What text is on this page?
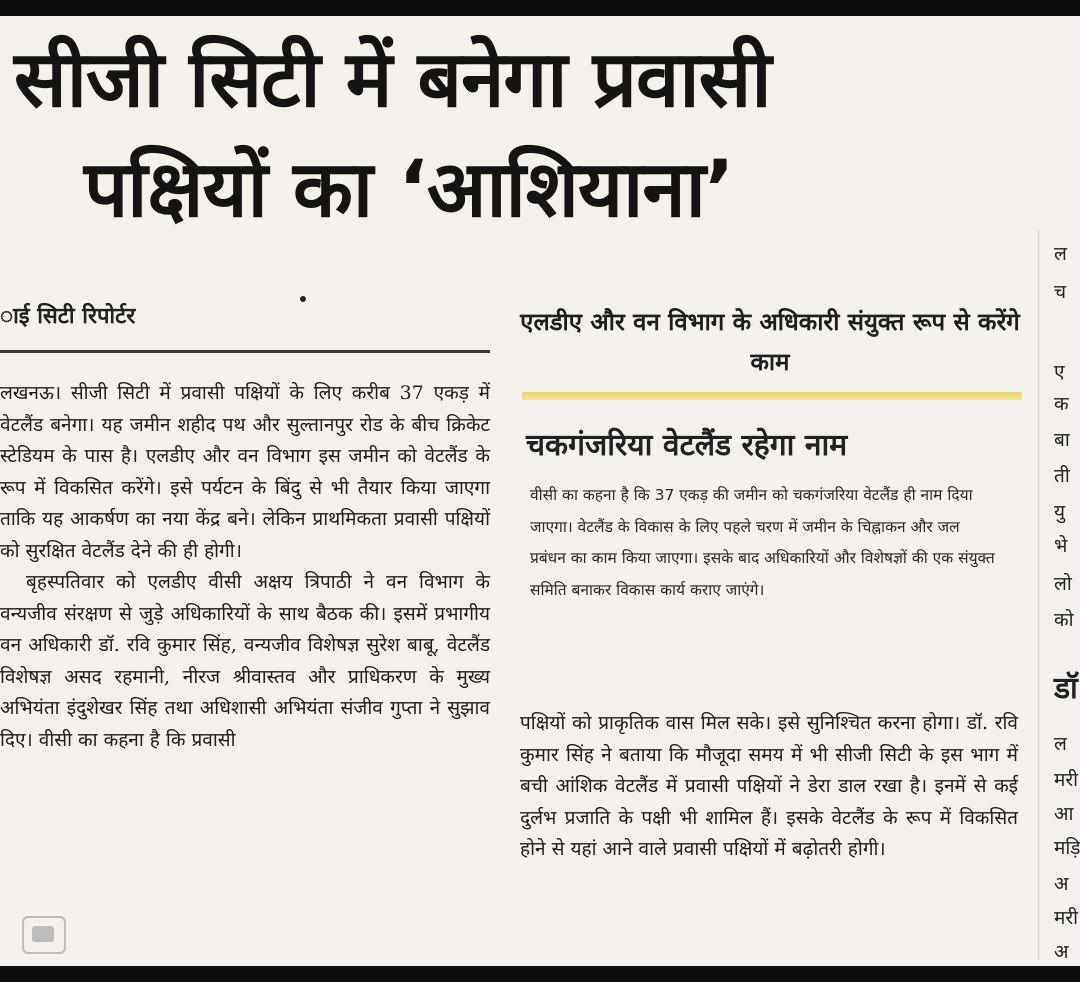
सीजी सिटी में बनेगा प्रवासी
पक्षियों का ‘आशियाना’
ाई सिटी रिपोर्टर

लखनऊ। सीजी सिटी में प्रवासी पक्षियों के लिए करीब 37 एकड़ में वेटलैंड बनेगा। यह जमीन शहीद पथ और सुल्तानपुर रोड के बीच क्रिकेट स्टेडियम के पास है। एलडीए और वन विभाग इस जमीन को वेटलैंड के रूप में विकसित करेंगे। इसे पर्यटन के बिंदु से भी तैयार किया जाएगा ताकि यह आकर्षण का नया केंद्र बने। लेकिन प्राथमिकता प्रवासी पक्षियों को सुरक्षित वेटलैंड देने की ही होगी।

बृहस्पतिवार को एलडीए वीसी अक्षय त्रिपाठी ने वन विभाग के वन्यजीव संरक्षण से जुड़े अधिकारियों के साथ बैठक की। इसमें प्रभागीय वन अधिकारी डॉ. रवि कुमार सिंह, वन्यजीव विशेषज्ञ सुरेश बाबू, वेटलैंड विशेषज्ञ असद रहमानी, नीरज श्रीवास्तव और प्राधिकरण के मुख्य अभियंता इंदुशेखर सिंह तथा अधिशासी अभियंता संजीव गुप्ता ने सुझाव दिए। वीसी का कहना है कि प्रवासी

एलडीए और वन विभाग के अधिकारी संयुक्त रूप से करेंगे काम
चकगंजरिया वेटलैंड रहेगा नाम

वीसी का कहना है कि 37 एकड़ की जमीन को चकगंजरिया वेटलैंड ही नाम दिया जाएगा। वेटलैंड के विकास के लिए पहले चरण में जमीन के चिह्नाकन और जल प्रबंधन का काम किया जाएगा। इसके बाद अधिकारियों और विशेषज्ञों की एक संयुक्त समिति बनाकर विकास कार्य कराए जाएंगे।

पक्षियों को प्राकृतिक वास मिल सके। इसे सुनिश्चित करना होगा। डॉ. रवि कुमार सिंह ने बताया कि मौजूदा समय में भी सीजी सिटी के इस भाग में बची आंशिक वेटलैंड में प्रवासी पक्षियों ने डेरा डाल रखा है। इनमें से कई दुर्लभ प्रजाति के पक्षी भी शामिल हैं। इसके वेटलैंड के रूप में विकसित होने से यहां आने वाले प्रवासी पक्षियों में बढ़ोतरी होगी।

ल
च
ए
क
बा
ती
यु
भे
लो
को
डॉ
ल
मरी
आ
मड़ि
अ
मरी
अ
